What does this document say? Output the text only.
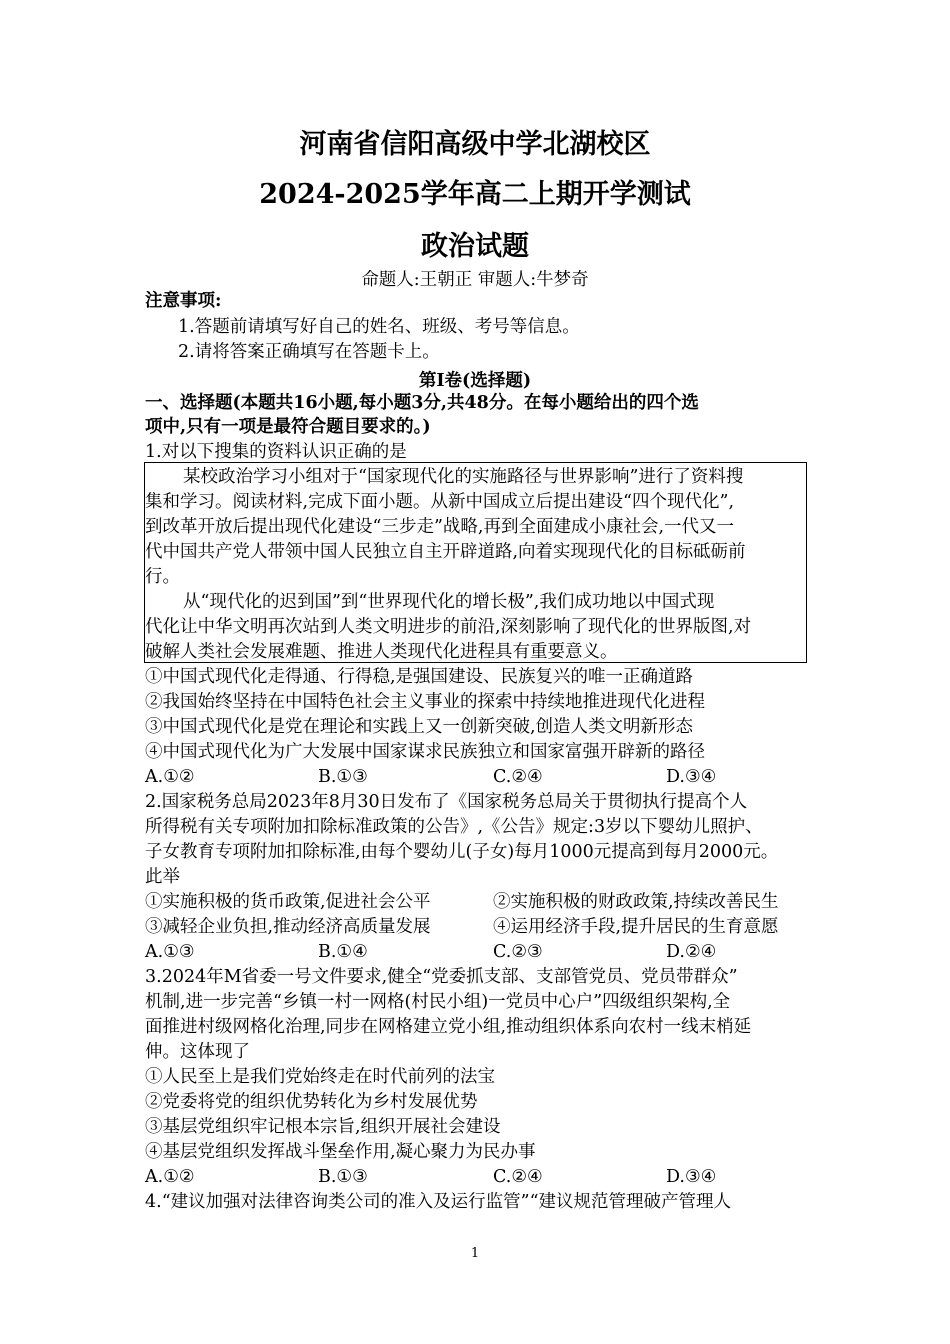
河南省信阳高级中学北湖校区
2024-2025学年高二上期开学测试
政治试题
命题人:王朝正 审题人:牛梦奇
注意事项:
1.答题前请填写好自己的姓名、班级、考号等信息。
2.请将答案正确填写在答题卡上。
第I卷(选择题)
一、选择题(本题共16小题,每小题3分,共48分。在每小题给出的四个选
项中,只有一项是最符合题目要求的。)
1.对以下搜集的资料认识正确的是
某校政治学习小组对于“国家现代化的实施路径与世界影响”进行了资料搜
集和学习。阅读材料,完成下面小题。从新中国成立后提出建设“四个现代化”,
到改革开放后提出现代化建设“三步走”战略,再到全面建成小康社会,一代又一
代中国共产党人带领中国人民独立自主开辟道路,向着实现现代化的目标砥砺前
行。
从“现代化的迟到国”到“世界现代化的增长极”,我们成功地以中国式现
代化让中华文明再次站到人类文明进步的前沿,深刻影响了现代化的世界版图,对
破解人类社会发展难题、推进人类现代化进程具有重要意义。
①中国式现代化走得通、行得稳,是强国建设、民族复兴的唯一正确道路
②我国始终坚持在中国特色社会主义事业的探索中持续地推进现代化进程
③中国式现代化是党在理论和实践上又一创新突破,创造人类文明新形态
④中国式现代化为广大发展中国家谋求民族独立和国家富强开辟新的路径
A.①②	B.①③	C.②④	D.③④
2.国家税务总局2023年8月30日发布了《国家税务总局关于贯彻执行提高个人
所得税有关专项附加扣除标准政策的公告》,《公告》规定:3岁以下婴幼儿照护、
子女教育专项附加扣除标准,由每个婴幼儿(子女)每月1000元提高到每月2000元。
此举
①实施积极的货币政策,促进社会公平	②实施积极的财政政策,持续改善民生
③减轻企业负担,推动经济高质量发展	④运用经济手段,提升居民的生育意愿
A.①③	B.①④	C.②③	D.②④
3.2024年M省委一号文件要求,健全“党委抓支部、支部管党员、党员带群众”
机制,进一步完善“乡镇一村一网格(村民小组)一党员中心户”四级组织架构,全
面推进村级网格化治理,同步在网格建立党小组,推动组织体系向农村一线末梢延
伸。这体现了
①人民至上是我们党始终走在时代前列的法宝
②党委将党的组织优势转化为乡村发展优势
③基层党组织牢记根本宗旨,组织开展社会建设
④基层党组织发挥战斗堡垒作用,凝心聚力为民办事
A.①②	B.①③	C.②④	D.③④
4.“建议加强对法律咨询类公司的准入及运行监管”“建议规范管理破产管理人
1
